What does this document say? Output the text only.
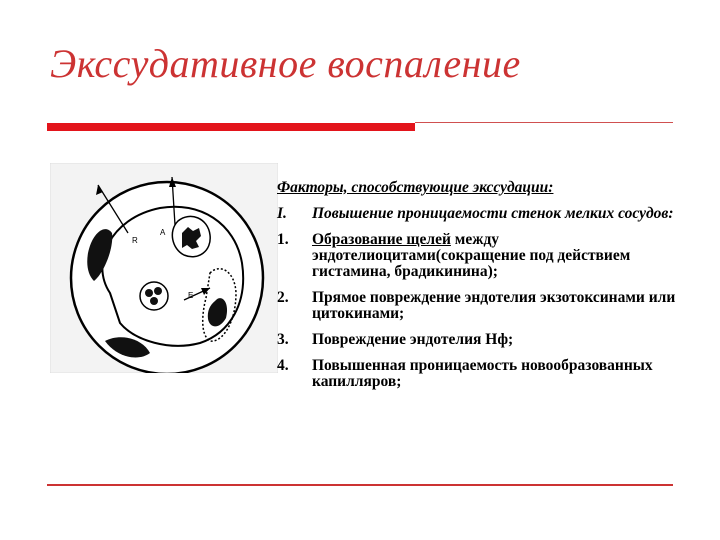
Экссудативное воспаление
R
A
E
Факторы, способствующие экссудации:
I.	Повышение проницаемости стенок мелких сосудов:
1.	Образование щелей между эндотелиоцитами(сокращение под действием гистамина, брадикинина);
2.	Прямое повреждение эндотелия экзотоксинами или цитокинами;
3.	Повреждение эндотелия Нф;
4.	Повышенная проницаемость новообразованных капилляров;
